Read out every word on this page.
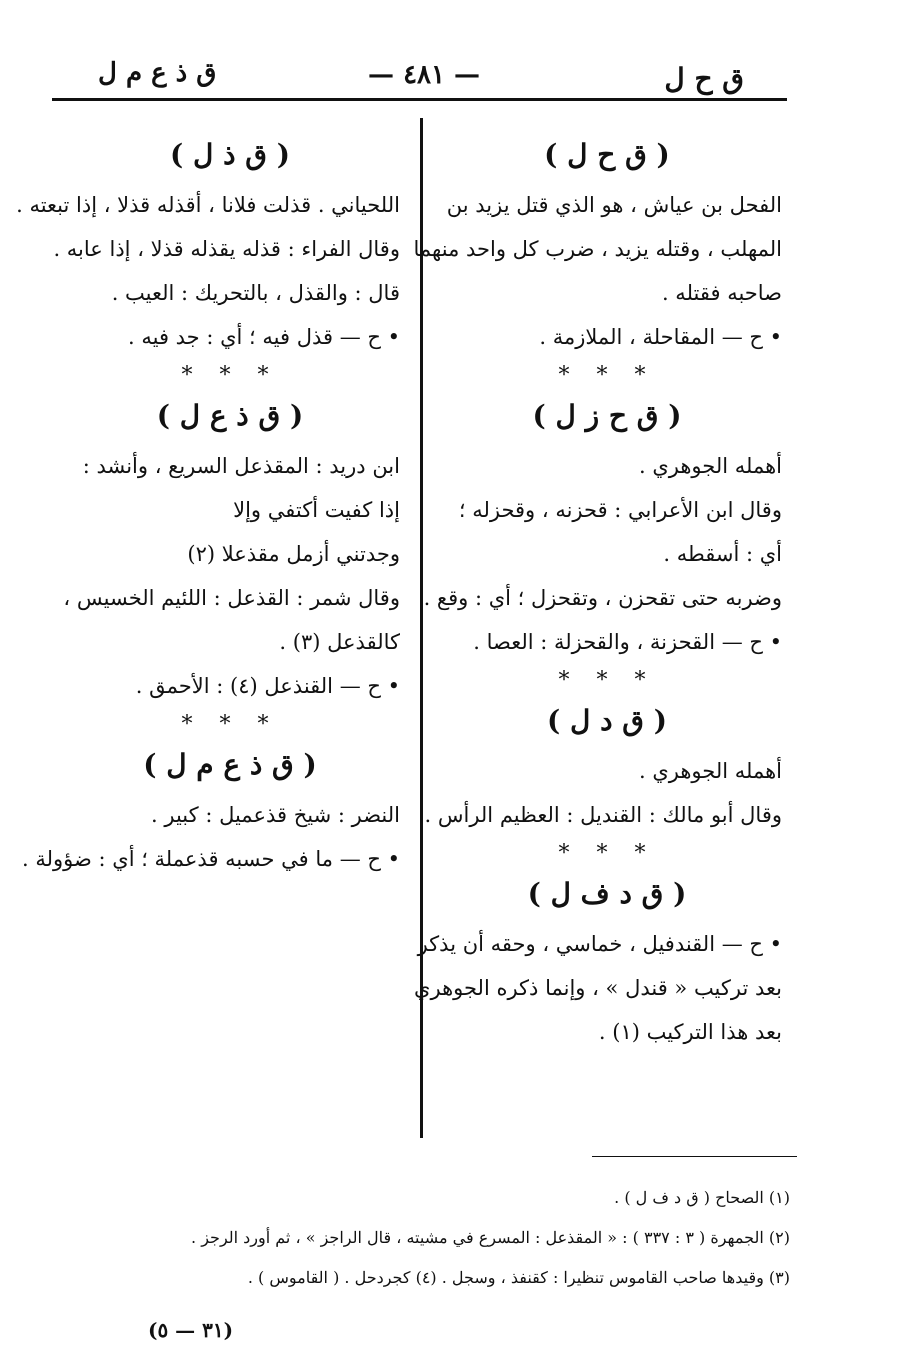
ق ذ ع م ل	— ٤٨١ —	ق ح ل
( ق ح ل )
الفحل بن عياش ، هو الذي قتل يزيد بن
المهلب ، وقتله يزيد ، ضرب كل واحد منهما
صاحبه فقتله .
• ح — المقاحلة ، الملازمة .
* * *
( ق ح ز ل )
أهمله الجوهري .
وقال ابن الأعرابي : قحزنه ، وقحزله ؛
أي : أسقطه .
وضربه حتى تقحزن ، وتقحزل ؛ أي : وقع .
• ح — القحزنة ، والقحزلة : العصا .
* * *
( ق د ل )
أهمله الجوهري .
وقال أبو مالك : القنديل : العظيم الرأس .
* * *
( ق د ف ل )
• ح — القندفيل ، خماسي ، وحقه أن يذكر
بعد تركيب « قندل » ، وإنما ذكره الجوهري
بعد هذا التركيب (١) .
( ق ذ ل )
اللحياني . قذلت فلانا ، أقذله قذلا ، إذا تبعته .
وقال الفراء : قذله يقذله قذلا ، إذا عابه .
قال : والقذل ، بالتحريك : العيب .
• ح — قذل فيه ؛ أي : جد فيه .
* * *
( ق ذ ع ل )
ابن دريد : المقذعل السريع ، وأنشد :
إذا كفيت أكتفي وإلا
وجدتني أزمل مقذعلا (٢)
وقال شمر : القذعل : اللئيم الخسيس ،
كالقذعل (٣) .
• ح — القنذعل (٤) : الأحمق .
* * *
( ق ذ ع م ل )
النضر : شيخ قذعميل : كبير .
• ح — ما في حسبه قذعملة ؛ أي : ضؤولة .
(١) الصحاح ( ق د ف ل ) .
(٢) الجمهرة ( ٣ : ٣٣٧ ) : « المقذعل : المسرع في مشيته ، قال الراجز » ، ثم أورد الرجز .
(٣) وقيدها صاحب القاموس تنظيرا : كقنفذ ، وسجل . (٤) كجردحل . ( القاموس ) .
(٣١ — ٥)
